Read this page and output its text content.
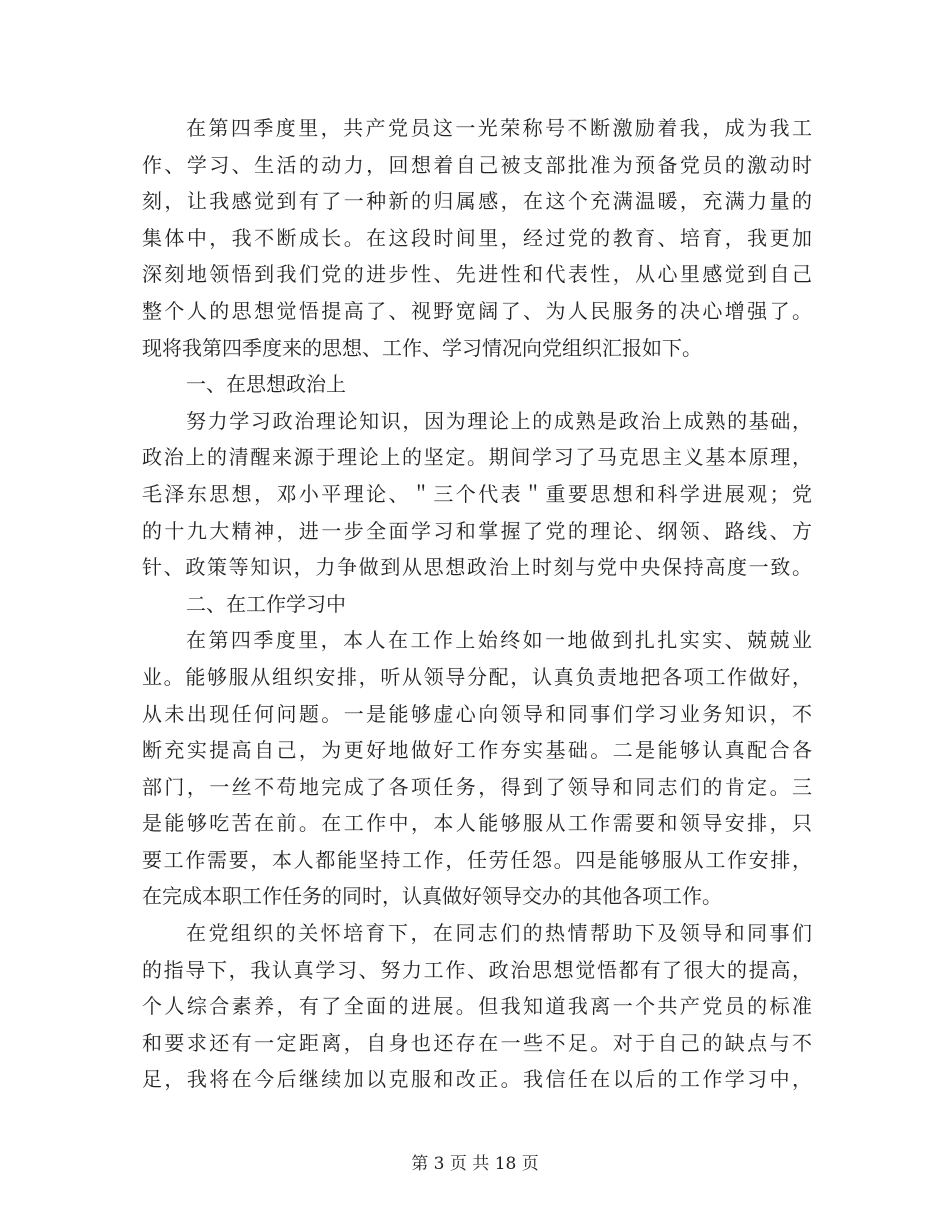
在第四季度里，共产党员这一光荣称号不断激励着我，成为我工
作、学习、生活的动力，回想着自己被支部批准为预备党员的激动时
刻，让我感觉到有了一种新的归属感，在这个充满温暖，充满力量的
集体中，我不断成长。在这段时间里，经过党的教育、培育，我更加
深刻地领悟到我们党的进步性、先进性和代表性，从心里感觉到自己
整个人的思想觉悟提高了、视野宽阔了、为人民服务的决心增强了。
现将我第四季度来的思想、工作、学习情况向党组织汇报如下。
一、在思想政治上
努力学习政治理论知识，因为理论上的成熟是政治上成熟的基础，
政治上的清醒来源于理论上的坚定。期间学习了马克思主义基本原理，
毛泽东思想，邓小平理论、＂三个代表＂重要思想和科学进展观；党
的十九大精神，进一步全面学习和掌握了党的理论、纲领、路线、方
针、政策等知识，力争做到从思想政治上时刻与党中央保持高度一致。
二、在工作学习中
在第四季度里，本人在工作上始终如一地做到扎扎实实、兢兢业
业。能够服从组织安排，听从领导分配，认真负责地把各项工作做好，
从未出现任何问题。一是能够虚心向领导和同事们学习业务知识，不
断充实提高自己，为更好地做好工作夯实基础。二是能够认真配合各
部门，一丝不苟地完成了各项任务，得到了领导和同志们的肯定。三
是能够吃苦在前。在工作中，本人能够服从工作需要和领导安排，只
要工作需要，本人都能坚持工作，任劳任怨。四是能够服从工作安排，
在完成本职工作任务的同时，认真做好领导交办的其他各项工作。
在党组织的关怀培育下，在同志们的热情帮助下及领导和同事们
的指导下，我认真学习、努力工作、政治思想觉悟都有了很大的提高，
个人综合素养，有了全面的进展。但我知道我离一个共产党员的标准
和要求还有一定距离，自身也还存在一些不足。对于自己的缺点与不
足，我将在今后继续加以克服和改正。我信任在以后的工作学习中，
第 3 页 共 18 页
